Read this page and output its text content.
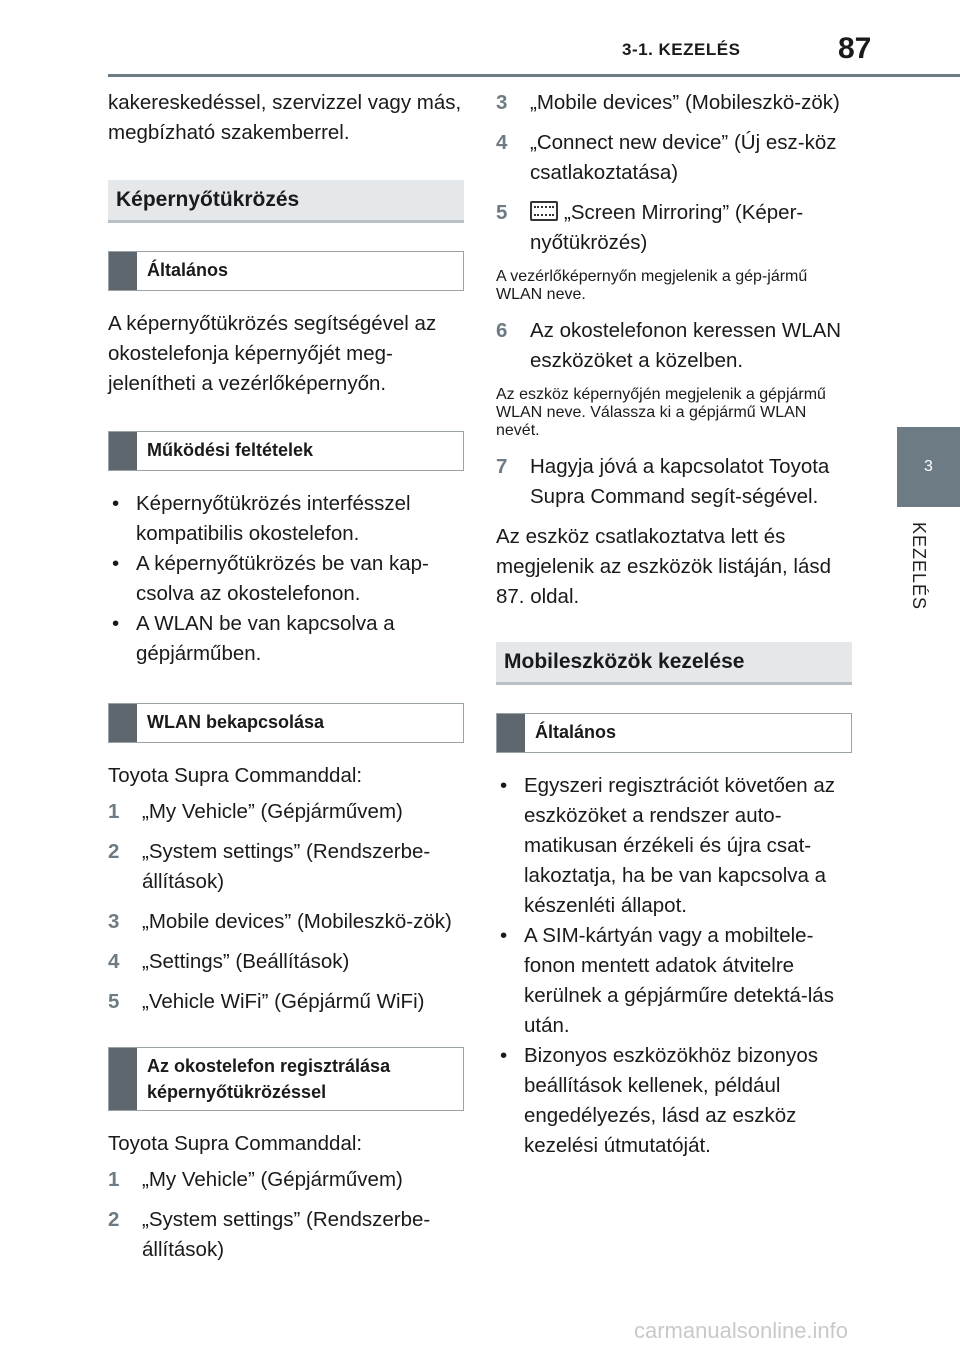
3-1. KEZELÉS	87
3
KEZELÉS

kakereskedéssel, szervizzel vagy más, megbízható szakemberrel.

Képernyőtükrözés
Általános

A képernyőtükrözés segítségével az okostelefonja képernyőjét meg-jelenítheti a vezérlőképernyőn.

Működési feltételek
• Képernyőtükrözés interfésszel kompatibilis okostelefon.
• A képernyőtükrözés be van kap-csolva az okostelefonon.
• A WLAN be van kapcsolva a gépjárműben.
WLAN bekapcsolása

Toyota Supra Commanddal:

1	„My Vehicle” (Gépjárművem)
2	„System settings” (Rendszerbe-állítások)
3	„Mobile devices” (Mobileszkö-zök)
4	„Settings” (Beállítások)
5	„Vehicle WiFi” (Gépjármű WiFi)
Az okostelefon regisztrálása képernyőtükrözéssel

Toyota Supra Commanddal:

1	„My Vehicle” (Gépjárművem)
2	„System settings” (Rendszerbe-állítások)
3	„Mobile devices” (Mobileszkö-zök)
4	„Connect new device” (Új esz-köz csatlakoztatása)
5	„Screen Mirroring” (Képer-nyőtükrözés)

A vezérlőképernyőn megjelenik a gép-jármű WLAN neve.

6	Az okostelefonon keressen WLAN eszközöket a közelben.

Az eszköz képernyőjén megjelenik a gépjármű WLAN neve. Válassza ki a gépjármű WLAN nevét.

7	Hagyja jóvá a kapcsolatot Toyota Supra Command segít-ségével.

Az eszköz csatlakoztatva lett és megjelenik az eszközök listáján, lásd 87. oldal.

Mobileszközök kezelése
Általános
• Egyszeri regisztrációt követően az eszközöket a rendszer auto-matikusan érzékeli és újra csat-lakoztatja, ha be van kapcsolva a készenléti állapot.
• A SIM-kártyán vagy a mobiltele-fonon mentett adatok átvitelre kerülnek a gépjárműre detektá-lás után.
• Bizonyos eszközökhöz bizonyos beállítások kellenek, például engedélyezés, lásd az eszköz kezelési útmutatóját.
carmanualsonline.info
